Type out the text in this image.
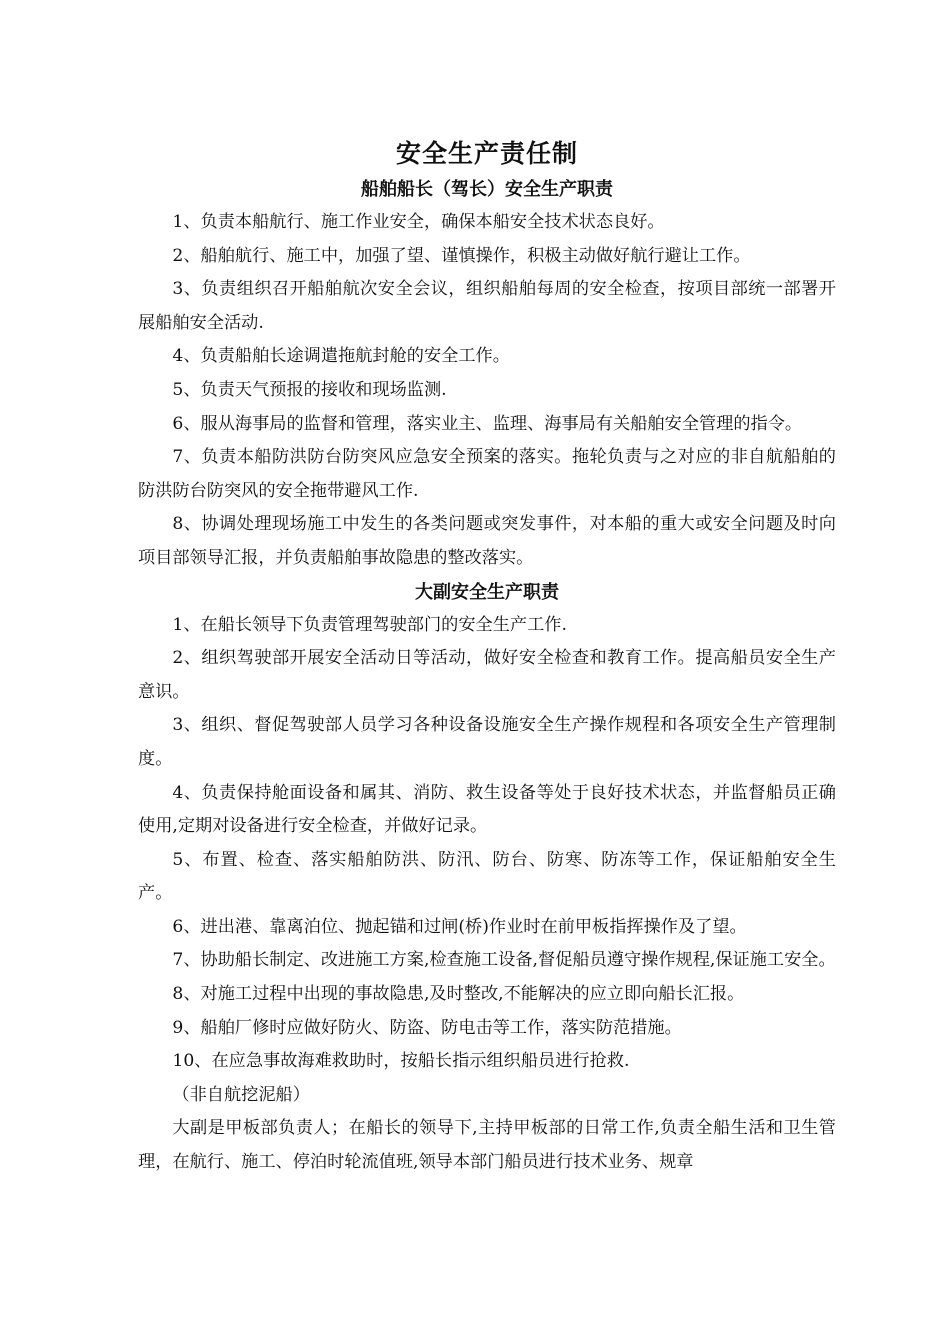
安全生产责任制
船舶船长（驾长）安全生产职责

1、负责本船航行、施工作业安全，确保本船安全技术状态良好。

2、船舶航行、施工中，加强了望、谨慎操作，积极主动做好航行避让工作。

3、负责组织召开船舶航次安全会议，组织船舶每周的安全检查，按项目部统一部署开展船舶安全活动.

4、负责船舶长途调遣拖航封舱的安全工作。

5、负责天气预报的接收和现场监测.

6、服从海事局的监督和管理，落实业主、监理、海事局有关船舶安全管理的指令。

7、负责本船防洪防台防突风应急安全预案的落实。拖轮负责与之对应的非自航船舶的防洪防台防突风的安全拖带避风工作.

8、协调处理现场施工中发生的各类问题或突发事件，对本船的重大或安全问题及时向项目部领导汇报，并负责船舶事故隐患的整改落实。

大副安全生产职责

1、在船长领导下负责管理驾驶部门的安全生产工作.

2、组织驾驶部开展安全活动日等活动，做好安全检查和教育工作。提高船员安全生产意识。

3、组织、督促驾驶部人员学习各种设备设施安全生产操作规程和各项安全生产管理制度。

4、负责保持舱面设备和属其、消防、救生设备等处于良好技术状态，并监督船员正确使用,定期对设备进行安全检查，并做好记录。

5、布置、检查、落实船舶防洪、防汛、防台、防寒、防冻等工作，保证船舶安全生产。

6、进出港、靠离泊位、抛起锚和过闸(桥)作业时在前甲板指挥操作及了望。

7、协助船长制定、改进施工方案,检查施工设备,督促船员遵守操作规程,保证施工安全。

8、对施工过程中出现的事故隐患,及时整改,不能解决的应立即向船长汇报。

9、船舶厂修时应做好防火、防盗、防电击等工作，落实防范措施。

10、在应急事故海难救助时，按船长指示组织船员进行抢救.

（非自航挖泥船）

大副是甲板部负责人；在船长的领导下,主持甲板部的日常工作,负责全船生活和卫生管理，在航行、施工、停泊时轮流值班,领导本部门船员进行技术业务、规章
